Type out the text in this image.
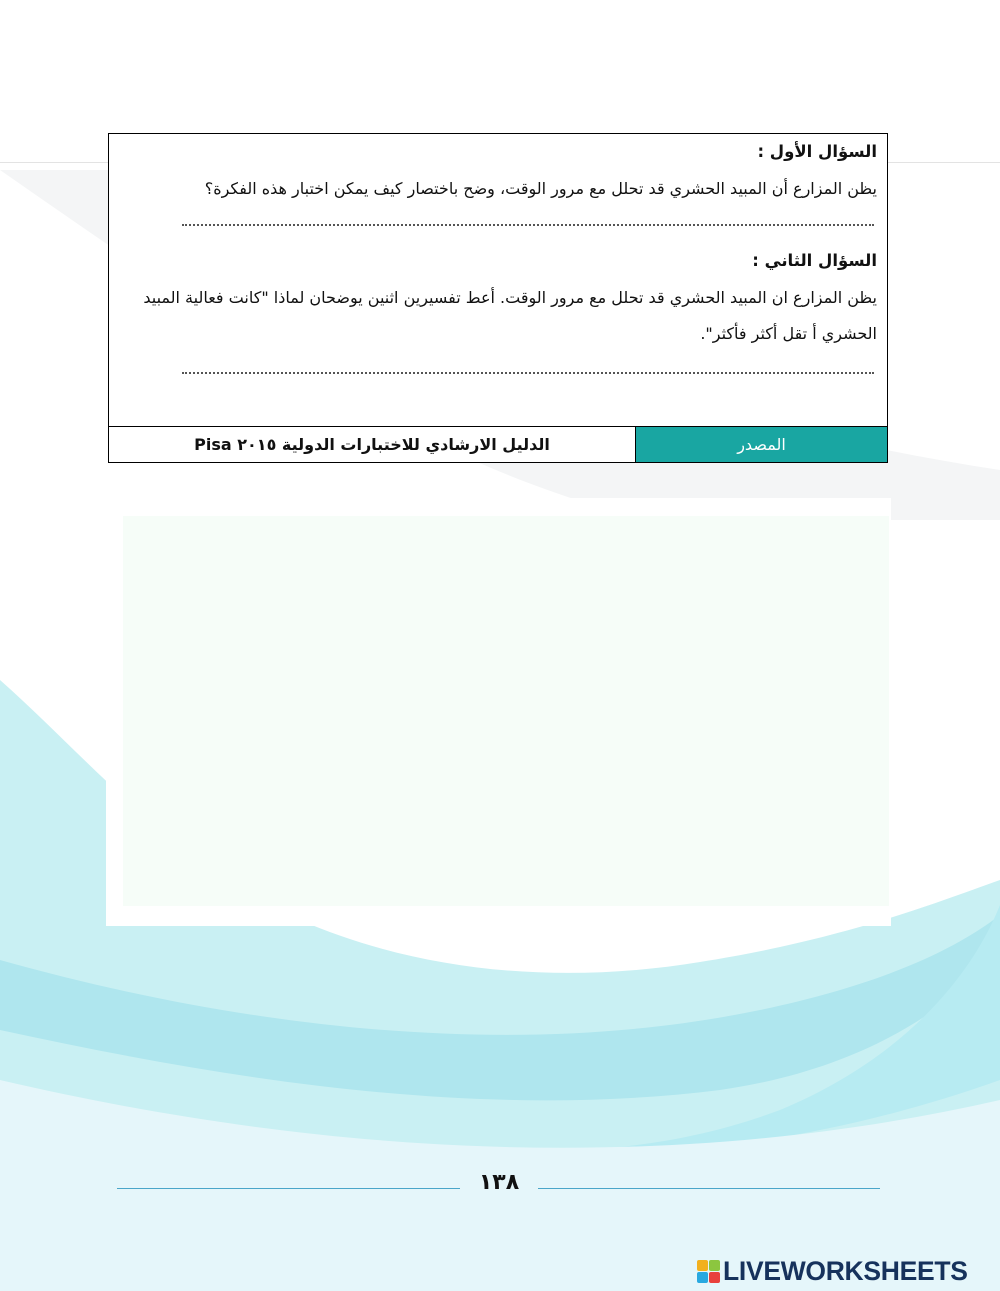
السؤال الأول :
يظن المزارع أن المبيد الحشري قد تحلل مع مرور الوقت، وضح باختصار كيف يمكن اختبار هذه الفكرة؟
السؤال الثاني :
يظن المزارع ان المبيد الحشري قد تحلل مع مرور الوقت. أعط تفسيرين اثنين يوضحان لماذا "كانت فعالية المبيد الحشري أ تقل أكثر فأكثر".
المصدر
الدليل الارشادي للاختبارات الدولية ٢٠١٥ Pisa
١٣٨
LIVEWORKSHEETS
